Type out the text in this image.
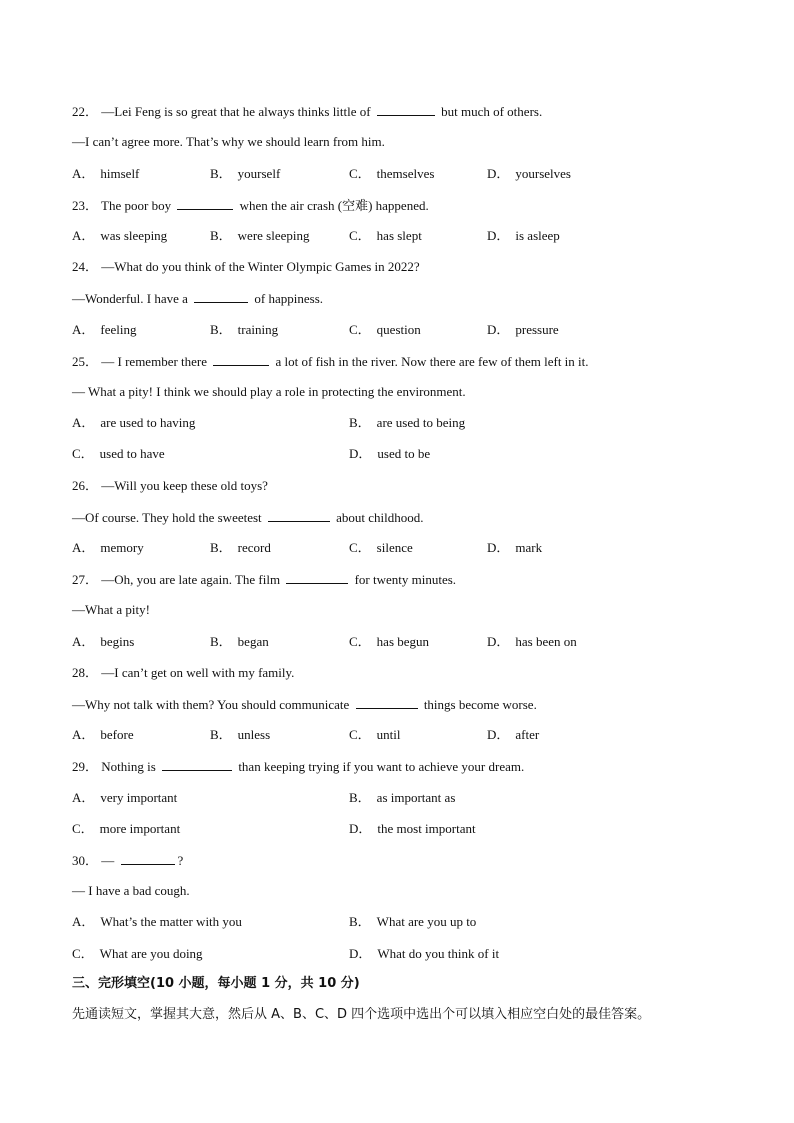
22． —Lei Feng is so great that he always thinks little of	but much of others.
—I can’t agree more. That’s why we should learn from him.
A． himself	B． yourself	C． themselves	D． yourselves
23． The poor boy	when the air crash (空难) happened.
A． was sleeping	B． were sleeping	C． has slept	D． is asleep
24． —What do you think of the Winter Olympic Games in 2022?
—Wonderful. I have a	of happiness.
A． feeling	B． training	C． question	D． pressure
25． — I remember there	a lot of fish in the river. Now there are few of them left in it.
— What a pity! I think we should play a role in protecting the environment.
A． are used to having	B． are used to being
C． used to have	D． used to be
26． —Will you keep these old toys?
—Of course. They hold the sweetest	about childhood.
A． memory	B． record	C． silence	D． mark
27． —Oh, you are late again. The film	for twenty minutes.
—What a pity!
A． begins	B． began	C． has begun	D． has been on
28． —I can’t get on well with my family.
—Why not talk with them? You should communicate	things become worse.
A． before	B． unless	C． until	D． after
29． Nothing is	than keeping trying if you want to achieve your dream.
A． very important	B． as important as
C． more important	D． the most important
30． —	?
— I have a bad cough.
A． What’s the matter with you	B． What are you up to
C． What are you doing	D． What do you think of it
三、完形填空(10 小题，每小题 1 分，共 10 分)
先通读短文，掌握其大意，然后从 A、B、C、D 四个选项中选出个可以填入相应空白处的最佳答案。
